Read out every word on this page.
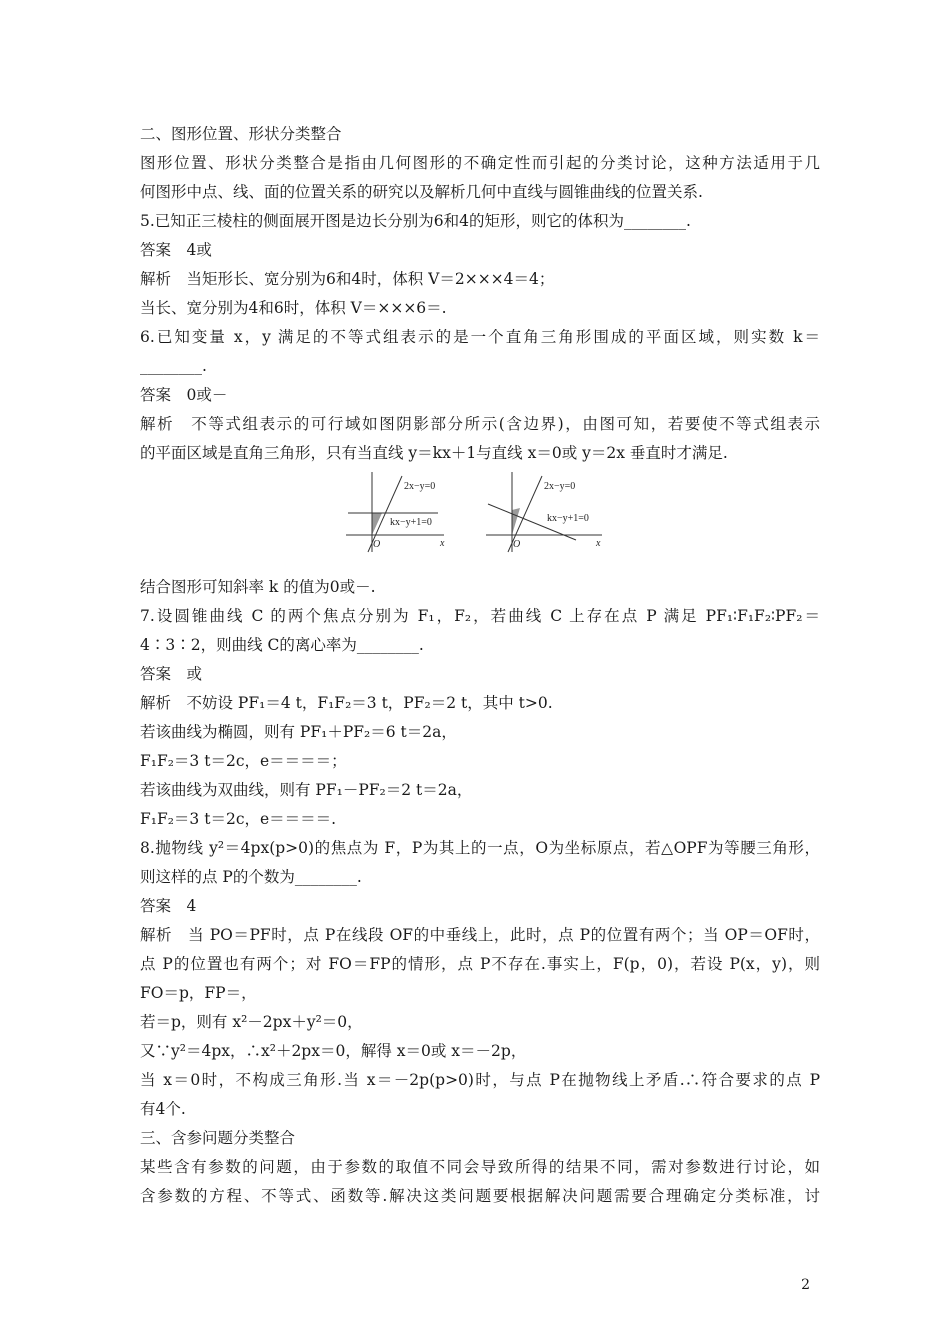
二、图形位置、形状分类整合
图形位置、形状分类整合是指由几何图形的不确定性而引起的分类讨论，这种方法适用于几
何图形中点、线、面的位置关系的研究以及解析几何中直线与圆锥曲线的位置关系.
5.已知正三棱柱的侧面展开图是边长分别为6和4的矩形，则它的体积为________.
答案　4或
解析　当矩形长、宽分别为6和4时，体积 V＝2×××4＝4；
当长、宽分别为4和6时，体积 V＝×××6＝.
6.已知变量 x，y 满足的不等式组表示的是一个直角三角形围成的平面区域，则实数 k＝
________.
答案　0或－
解析　不等式组表示的可行域如图阴影部分所示(含边界)，由图可知，若要使不等式组表示
的平面区域是直角三角形，只有当直线 y＝kx＋1与直线 x＝0或 y＝2x 垂直时才满足.
2x−y=0
kx−y+1=0
O	x
2x−y=0
kx−y+1=0
O	x
结合图形可知斜率 k 的值为0或－.
7.设圆锥曲线 C 的两个焦点分别为 F₁，F₂，若曲线 C 上存在点 P 满足 PF₁∶F₁F₂∶PF₂＝
4∶3∶2，则曲线 C的离心率为________.
答案　或
解析　不妨设 PF₁＝4 t，F₁F₂＝3 t，PF₂＝2 t，其中 t>0.
若该曲线为椭圆，则有 PF₁＋PF₂＝6 t＝2a，
F₁F₂＝3 t＝2c，e＝＝＝＝；
若该曲线为双曲线，则有 PF₁－PF₂＝2 t＝2a，
F₁F₂＝3 t＝2c，e＝＝＝＝.
8.抛物线 y²＝4px(p>0)的焦点为 F，P为其上的一点，O为坐标原点，若△OPF为等腰三角形，
则这样的点 P的个数为________.
答案　4
解析　当 PO＝PF时，点 P在线段 OF的中垂线上，此时，点 P的位置有两个；当 OP＝OF时，
点 P的位置也有两个；对 FO＝FP的情形，点 P不存在.事实上，F(p，0)，若设 P(x，y)，则
FO＝p，FP＝，
若＝p，则有 x²－2px＋y²＝0，
又∵y²＝4px，∴x²＋2px＝0，解得 x＝0或 x＝－2p，
当 x＝0时，不构成三角形.当 x＝－2p(p>0)时，与点 P在抛物线上矛盾.∴符合要求的点 P
有4个.
三、含参问题分类整合
某些含有参数的问题，由于参数的取值不同会导致所得的结果不同，需对参数进行讨论，如
含参数的方程、不等式、函数等.解决这类问题要根据解决问题需要合理确定分类标准，讨
2
